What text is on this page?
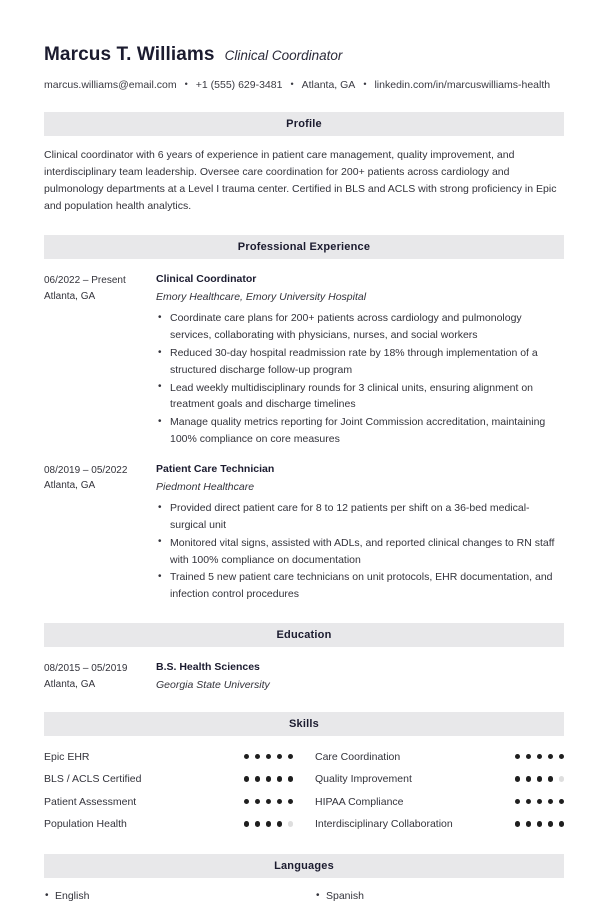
Marcus T. Williams Clinical Coordinator
marcus.williams@email.com • +1 (555) 629-3481 • Atlanta, GA • linkedin.com/in/marcuswilliams-health
Profile
Clinical coordinator with 6 years of experience in patient care management, quality improvement, and interdisciplinary team leadership. Oversee care coordination for 200+ patients across cardiology and pulmonology departments at a Level I trauma center. Certified in BLS and ACLS with strong proficiency in Epic and population health analytics.
Professional Experience
06/2022 – Present
Atlanta, GA
Clinical Coordinator
Emory Healthcare, Emory University Hospital
• Coordinate care plans for 200+ patients across cardiology and pulmonology services, collaborating with physicians, nurses, and social workers
• Reduced 30-day hospital readmission rate by 18% through implementation of a structured discharge follow-up program
• Lead weekly multidisciplinary rounds for 3 clinical units, ensuring alignment on treatment goals and discharge timelines
• Manage quality metrics reporting for Joint Commission accreditation, maintaining 100% compliance on core measures
08/2019 – 05/2022
Atlanta, GA
Patient Care Technician
Piedmont Healthcare
• Provided direct patient care for 8 to 12 patients per shift on a 36-bed medical-surgical unit
• Monitored vital signs, assisted with ADLs, and reported clinical changes to RN staff with 100% compliance on documentation
• Trained 5 new patient care technicians on unit protocols, EHR documentation, and infection control procedures
Education
08/2015 – 05/2019
Atlanta, GA
B.S. Health Sciences
Georgia State University
Skills
Epic EHR	Care Coordination
BLS / ACLS Certified	Quality Improvement
Patient Assessment	HIPAA Compliance
Population Health	Interdisciplinary Collaboration
Languages
• English	• Spanish
